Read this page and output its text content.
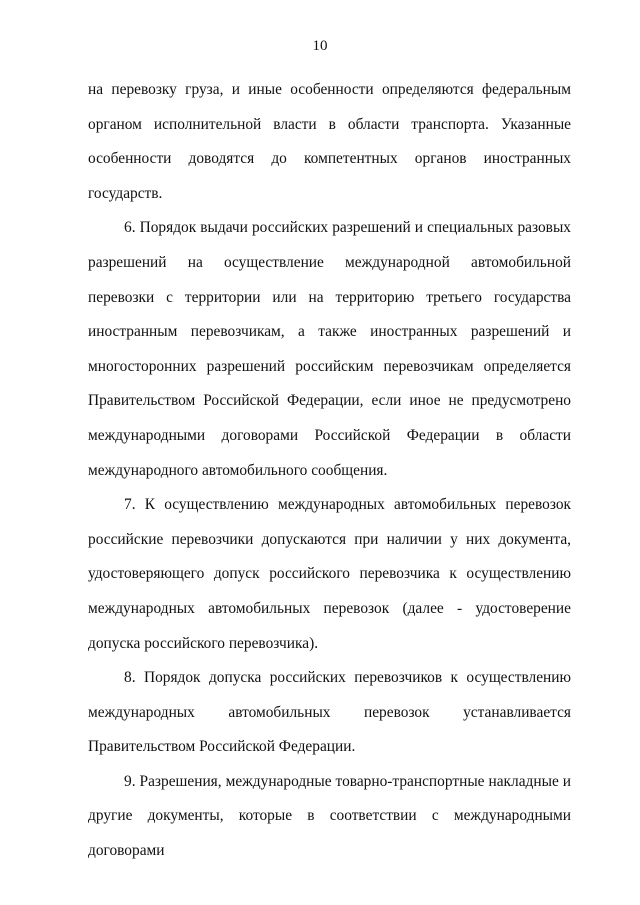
10

на перевозку груза, и иные особенности определяются федеральным органом исполнительной власти в области транспорта. Указанные особенности доводятся до компетентных органов иностранных государств.

6. Порядок выдачи российских разрешений и специальных разовых разрешений на осуществление международной автомобильной перевозки с территории или на территорию третьего государства иностранным перевозчикам, а также иностранных разрешений и многосторонних разрешений российским перевозчикам определяется Правительством Российской Федерации, если иное не предусмотрено международными договорами Российской Федерации в области международного автомобильного сообщения.

7. К осуществлению международных автомобильных перевозок российские перевозчики допускаются при наличии у них документа, удостоверяющего допуск российского перевозчика к осуществлению международных автомобильных перевозок (далее - удостоверение допуска российского перевозчика).

8. Порядок допуска российских перевозчиков к осуществлению международных автомобильных перевозок устанавливается Правительством Российской Федерации.

9. Разрешения, международные товарно-транспортные накладные и другие документы, которые в соответствии с международными договорами
